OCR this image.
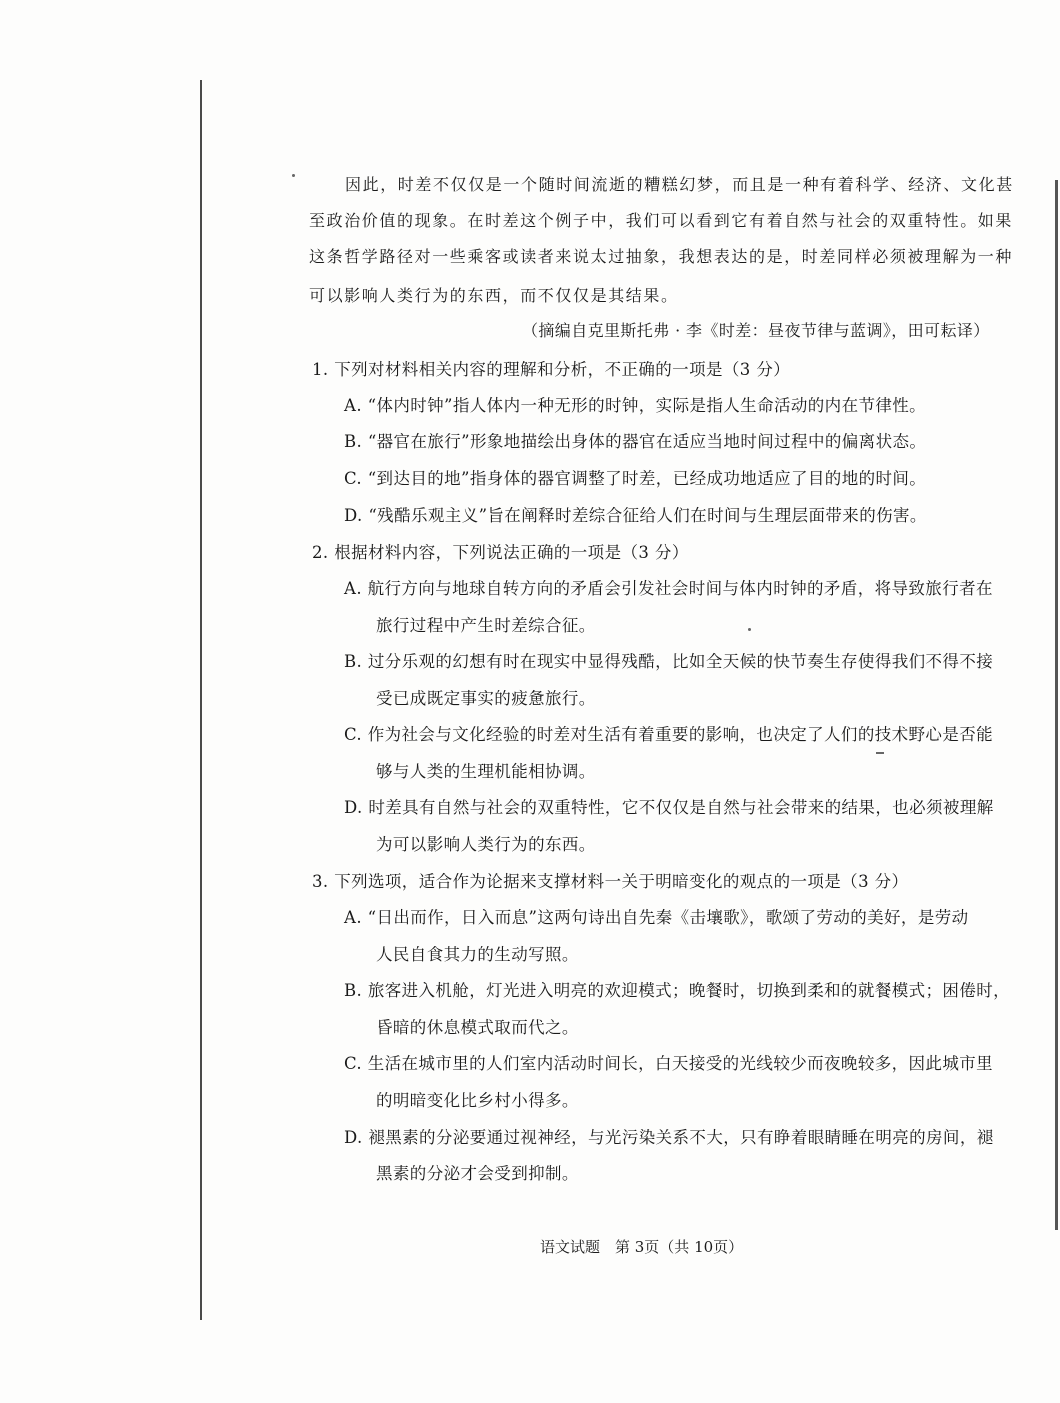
因此，时差不仅仅是一个随时间流逝的糟糕幻梦，而且是一种有着科学、经济、文化甚
至政治价值的现象。在时差这个例子中，我们可以看到它有着自然与社会的双重特性。如果
这条哲学路径对一些乘客或读者来说太过抽象，我想表达的是，时差同样必须被理解为一种
可以影响人类行为的东西，而不仅仅是其结果。
（摘编自克里斯托弗 · 李《时差：昼夜节律与蓝调》，田可耘译）
1. 下列对材料相关内容的理解和分析，不正确的一项是（3 分）
A. “体内时钟”指人体内一种无形的时钟，实际是指人生命活动的内在节律性。
B. “器官在旅行”形象地描绘出身体的器官在适应当地时间过程中的偏离状态。
C. “到达目的地”指身体的器官调整了时差，已经成功地适应了目的地的时间。
D. “残酷乐观主义”旨在阐释时差综合征给人们在时间与生理层面带来的伤害。
2. 根据材料内容，下列说法正确的一项是（3 分）
A. 航行方向与地球自转方向的矛盾会引发社会时间与体内时钟的矛盾，将导致旅行者在
旅行过程中产生时差综合征。
B. 过分乐观的幻想有时在现实中显得残酷，比如全天候的快节奏生存使得我们不得不接
受已成既定事实的疲惫旅行。
C. 作为社会与文化经验的时差对生活有着重要的影响，也决定了人们的技术野心是否能
够与人类的生理机能相协调。
D. 时差具有自然与社会的双重特性，它不仅仅是自然与社会带来的结果，也必须被理解
为可以影响人类行为的东西。
3. 下列选项，适合作为论据来支撑材料一关于明暗变化的观点的一项是（3 分）
A. “日出而作，日入而息”这两句诗出自先秦《击壤歌》，歌颂了劳动的美好，是劳动
人民自食其力的生动写照。
B. 旅客进入机舱，灯光进入明亮的欢迎模式；晚餐时，切换到柔和的就餐模式；困倦时，
昏暗的休息模式取而代之。
C. 生活在城市里的人们室内活动时间长，白天接受的光线较少而夜晚较多，因此城市里
的明暗变化比乡村小得多。
D. 褪黑素的分泌要通过视神经，与光污染关系不大，只有睁着眼睛睡在明亮的房间，褪
黑素的分泌才会受到抑制。
语文试题　第 3页（共 10页）
